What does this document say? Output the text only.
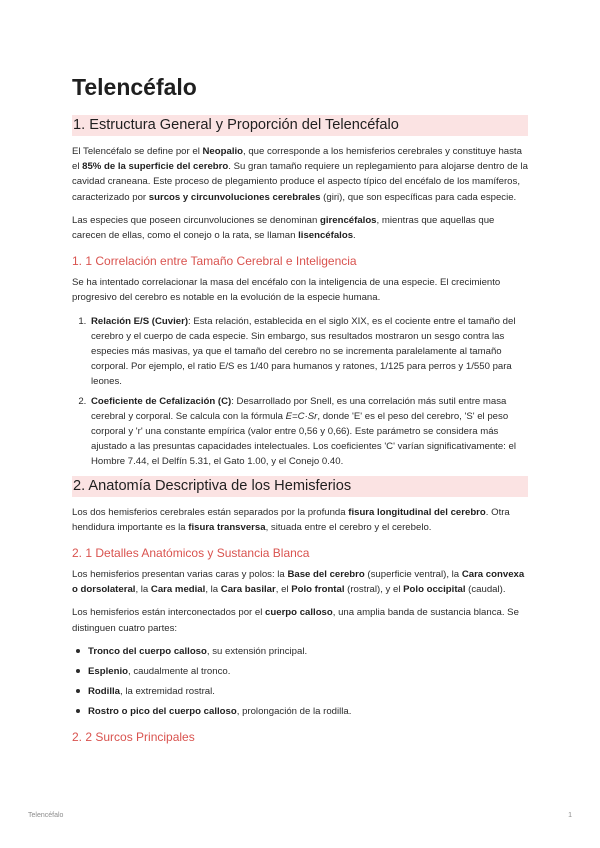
Telencéfalo
1. Estructura General y Proporción del Telencéfalo

El Telencéfalo se define por el Neopalio, que corresponde a los hemisferios cerebrales y constituye hasta el 85% de la superficie del cerebro. Su gran tamaño requiere un replegamiento para alojarse dentro de la cavidad craneana. Este proceso de plegamiento produce el aspecto típico del encéfalo de los mamíferos, caracterizado por surcos y circunvoluciones cerebrales (giri), que son específicas para cada especie.

Las especies que poseen circunvoluciones se denominan girencéfalos, mientras que aquellas que carecen de ellas, como el conejo o la rata, se llaman lisencéfalos.

1. 1 Correlación entre Tamaño Cerebral e Inteligencia

Se ha intentado correlacionar la masa del encéfalo con la inteligencia de una especie. El crecimiento progresivo del cerebro es notable en la evolución de la especie humana.

1. Relación E/S (Cuvier): Esta relación, establecida en el siglo XIX, es el cociente entre el tamaño del cerebro y el cuerpo de cada especie. Sin embargo, sus resultados mostraron un sesgo contra las especies más masivas, ya que el tamaño del cerebro no se incrementa paralelamente al tamaño corporal. Por ejemplo, el ratio E/S es 1/40 para humanos y ratones, 1/125 para perros y 1/550 para leones.
2. Coeficiente de Cefalización (C): Desarrollado por Snell, es una correlación más sutil entre masa cerebral y corporal. Se calcula con la fórmula E=C·Sr, donde 'E' es el peso del cerebro, 'S' el peso corporal y 'r' una constante empírica (valor entre 0,56 y 0,66). Este parámetro se considera más ajustado a las presuntas capacidades intelectuales. Los coeficientes 'C' varían significativamente: el Hombre 7.44, el Delfín 5.31, el Gato 1.00, y el Conejo 0.40.
2. Anatomía Descriptiva de los Hemisferios

Los dos hemisferios cerebrales están separados por la profunda fisura longitudinal del cerebro. Otra hendidura importante es la fisura transversa, situada entre el cerebro y el cerebelo.

2. 1 Detalles Anatómicos y Sustancia Blanca

Los hemisferios presentan varias caras y polos: la Base del cerebro (superficie ventral), la Cara convexa o dorsolateral, la Cara medial, la Cara basilar, el Polo frontal (rostral), y el Polo occipital (caudal).

Los hemisferios están interconectados por el cuerpo calloso, una amplia banda de sustancia blanca. Se distinguen cuatro partes:

Tronco del cuerpo calloso, su extensión principal.
Esplenio, caudalmente al tronco.
Rodilla, la extremidad rostral.
Rostro o pico del cuerpo calloso, prolongación de la rodilla.
2. 2 Surcos Principales
Telencéfalo	1
